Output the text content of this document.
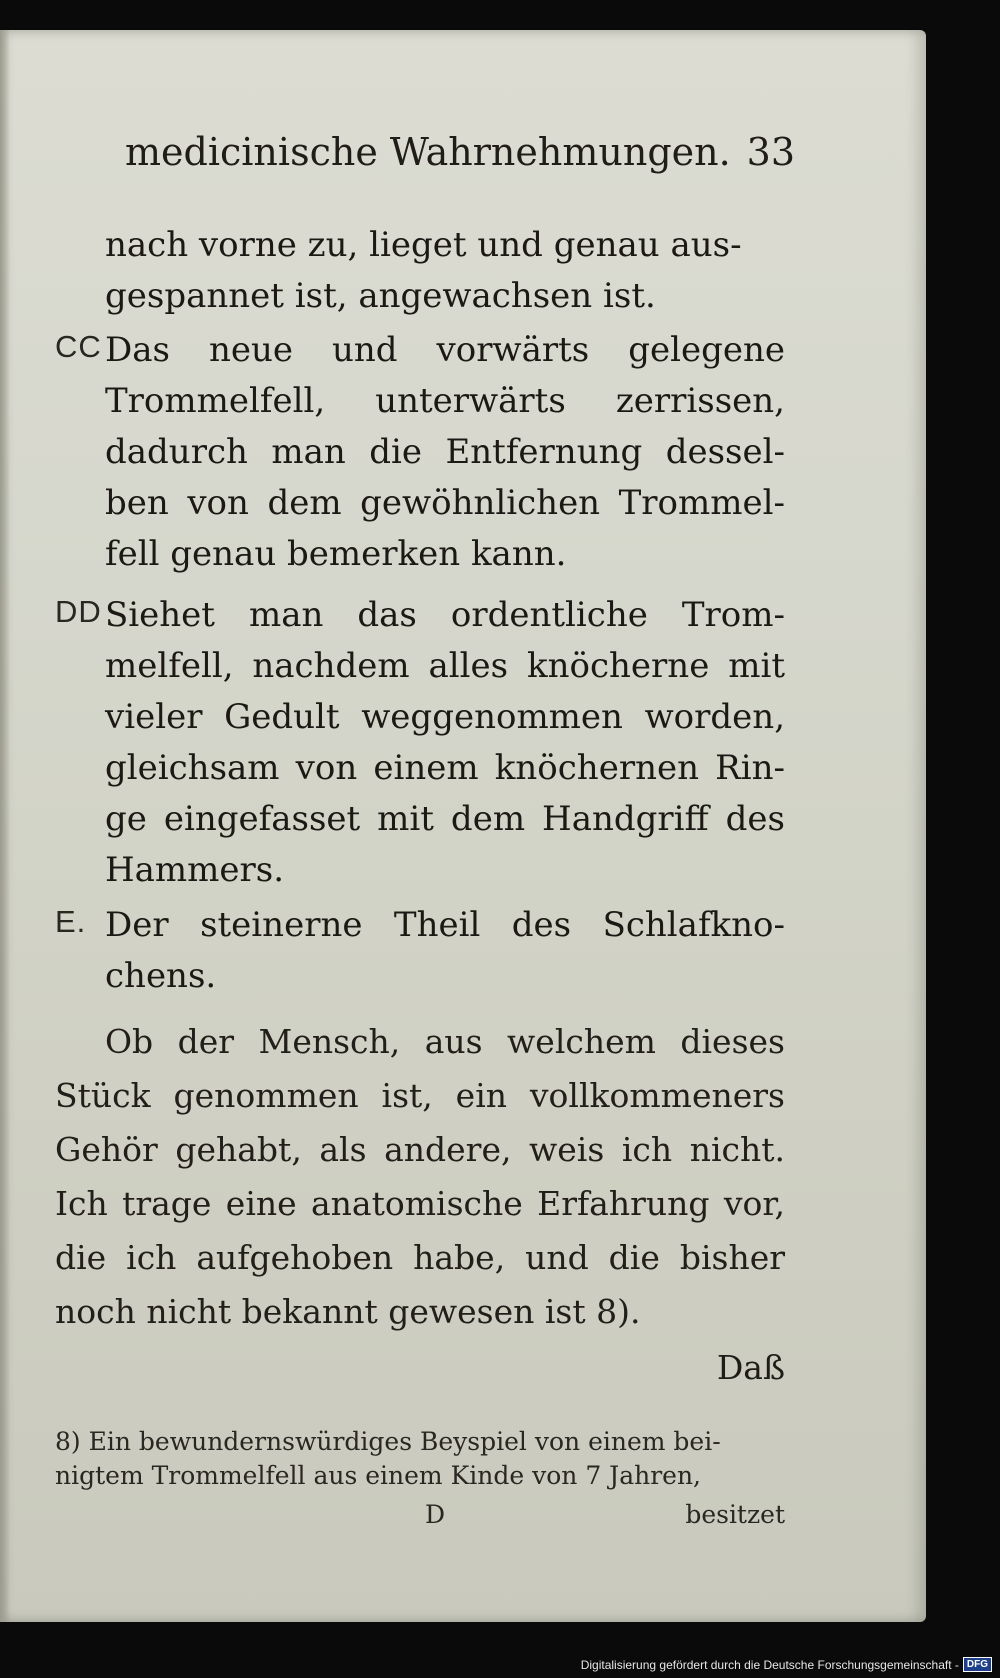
medicinische Wahrnehmungen. 33
nach vorne zu, lieget und genau aus-gespannet ist, angewachsen ist.
CC Das neue und vorwärts gelegene Trommelfell, unterwärts zerrissen, dadurch man die Entfernung dessel-ben von dem gewöhnlichen Trommel-fell genau bemerken kann.
DD Siehet man das ordentliche Trom-melfell, nachdem alles knöcherne mit vieler Gedult weggenommen worden, gleichsam von einem knöchernen Rin-ge eingefasset mit dem Handgriff des Hammers.
E. Der steinerne Theil des Schlafkno-chens.
Ob der Mensch, aus welchem dieses Stück genommen ist, ein vollkommeners Gehör gehabt, als andere, weis ich nicht. Ich trage eine anatomische Erfahrung vor, die ich aufgehoben habe, und die bisher noch nicht bekannt gewesen ist 8).
Daß
8) Ein bewundernswürdiges Beyspiel von einem bei-nigtem Trommelfell aus einem Kinde von 7 Jahren,
D	besitzet
Digitalisierung gefördert durch die Deutsche Forschungsgemeinschaft - DFG
